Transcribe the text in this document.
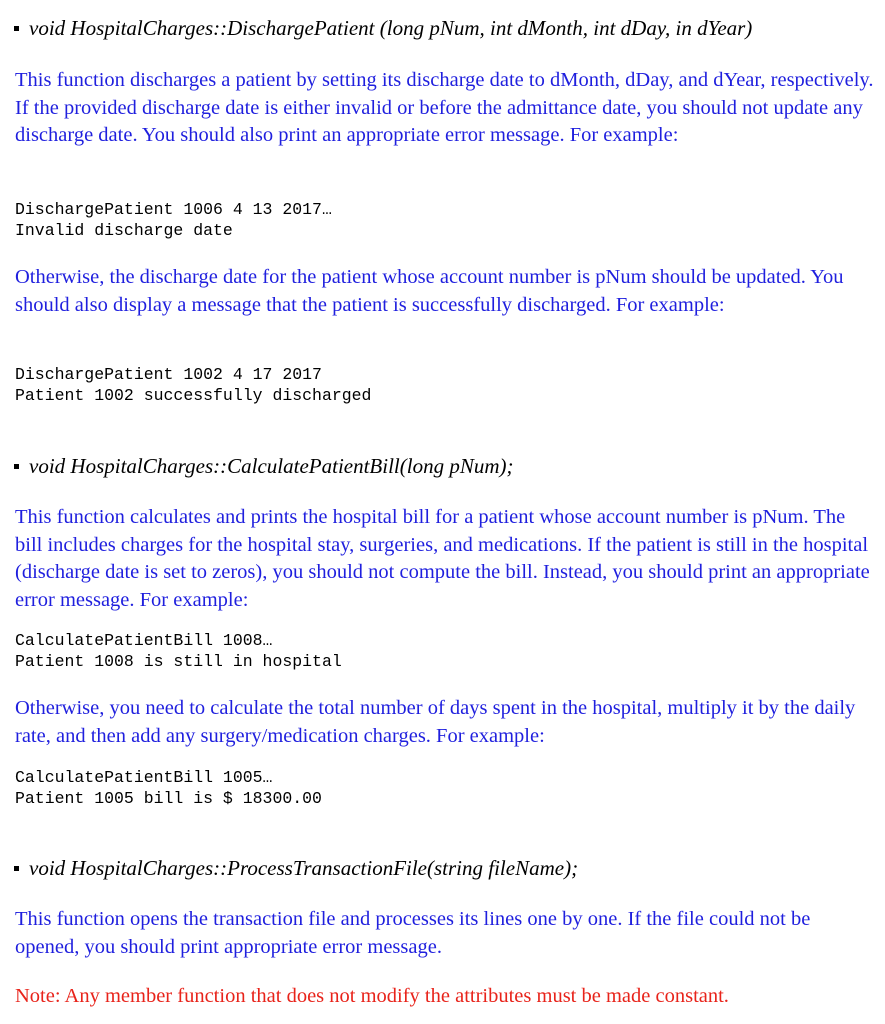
void HospitalCharges::DischargePatient (long pNum, int dMonth, int dDay, in dYear)

This function discharges a patient by setting its discharge date to dMonth, dDay, and dYear, respectively. If the provided discharge date is either invalid or before the admittance date, you should not update any discharge date. You should also print an appropriate error message. For example:

DischargePatient 1006 4 13 2017…
Invalid discharge date

Otherwise, the discharge date for the patient whose account number is pNum should be updated. You should also display a message that the patient is successfully discharged. For example:

DischargePatient 1002 4 17 2017
Patient 1002 successfully discharged
void HospitalCharges::CalculatePatientBill(long pNum);

This function calculates and prints the hospital bill for a patient whose account number is pNum. The bill includes charges for the hospital stay, surgeries, and medications. If the patient is still in the hospital (discharge date is set to zeros), you should not compute the bill. Instead, you should print an appropriate error message. For example:

CalculatePatientBill 1008…
Patient 1008 is still in hospital

Otherwise, you need to calculate the total number of days spent in the hospital, multiply it by the daily rate, and then add any surgery/medication charges. For example:

CalculatePatientBill 1005…
Patient 1005 bill is $ 18300.00
void HospitalCharges::ProcessTransactionFile(string fileName);

This function opens the transaction file and processes its lines one by one. If the file could not be opened, you should print appropriate error message.

Note: Any member function that does not modify the attributes must be made constant.
